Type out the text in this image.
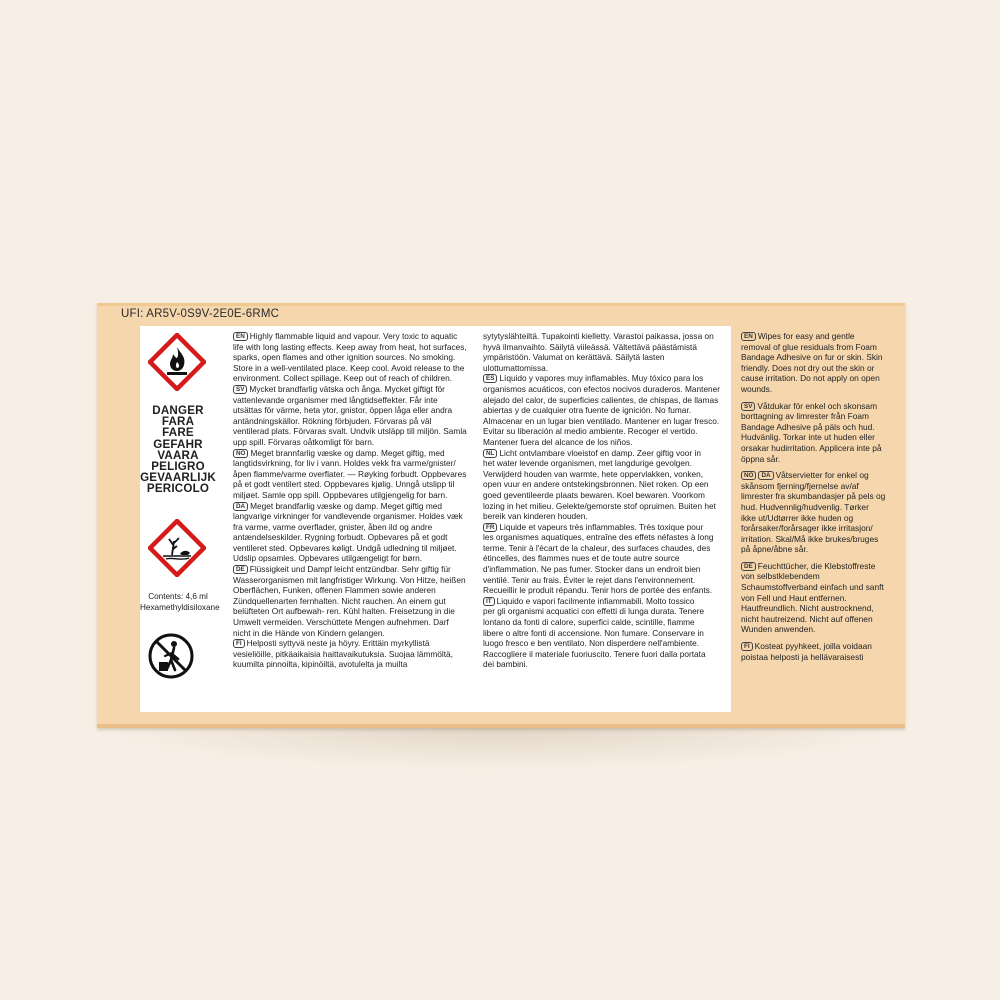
UFI: AR5V-0S9V-2E0E-6RMC
DANGER
FARA
FARE
GEFAHR
VAARA
PELIGRO
GEVAARLIJK
PERICOLO
Contents: 4,6 ml
Hexamethyldisiloxane
EN Highly flammable liquid and vapour. Very toxic to aquatic
life with long lasting effects. Keep away from heat, hot surfaces,
sparks, open flames and other ignition sources. No smoking.
Store in a well-ventilated place. Keep cool. Avoid release to the
environment. Collect spillage. Keep out of reach of children.
SV Mycket brandfarlig vätska och ånga. Mycket giftigt för
vattenlevande organismer med långtidseffekter. Får inte
utsättas för värme, heta ytor, gnistor, öppen låga eller andra
antändningskällor. Rökning förbjuden. Förvaras på väl
ventilerad plats. Förvaras svalt. Undvik utsläpp till miljön. Samla
upp spill. Förvaras oåtkomligt för barn.
NO Meget brannfarlig væske og damp. Meget giftig, med
langtidsvirkning, for liv i vann. Holdes vekk fra varme/gnister/
åpen flamme/varme overflater. — Røyking forbudt. Oppbevares
på et godt ventilert sted. Oppbevares kjølig. Unngå utslipp til
miljøet. Samle opp spill. Oppbevares utilgjengelig for barn.
DA Meget brandfarlig væske og damp. Meget giftig med
langvarige virkninger for vandlevende organismer. Holdes væk
fra varme, varme overflader, gnister, åben ild og andre
antændelseskilder. Rygning forbudt. Opbevares på et godt
ventileret sted. Opbevares køligt. Undgå udledning til miljøet.
Udslip opsamles. Opbevares utilgængeligt for børn.
DE Flüssigkeit und Dampf leicht entzündbar. Sehr giftig für
Wasserorganismen mit langfristiger Wirkung. Von Hitze, heißen
Oberflächen, Funken, offenen Flammen sowie anderen
Zündquellenarten fernhalten. Nicht rauchen. An einem gut
belüfteten Ort aufbewah- ren. Kühl halten. Freisetzung in die
Umwelt vermeiden. Verschüttete Mengen aufnehmen. Darf
nicht in die Hände von Kindern gelangen.
FI Helposti syttyvä neste ja höyry. Erittäin myrkyllistä
vesieliöille, pitkäaikaisia haittavaikutuksia. Suojaa lämmöltä,
kuumilta pinnoilta, kipinöiltä, avotulelta ja muilta
sytytyslähteiltä. Tupakointi kielletty. Varastoi paikassa, jossa on
hyvä ilmanvaihto. Säilytä viileässä. Vältettävä päästämistä
ympäristöön. Valumat on kerättävä. Säilytä lasten
ulottumattomissa.
ES Líquido y vapores muy inflamables. Muy tóxico para los
organismos acuáticos, con efectos nocivos duraderos. Mantener
alejado del calor, de superficies calientes, de chispas, de llamas
abiertas y de cualquier otra fuente de ignición. No fumar.
Almacenar en un lugar bien ventilado. Mantener en lugar fresco.
Evitar su liberación al medio ambiente. Recoger el vertido.
Mantener fuera del alcance de los niños.
NL Licht ontvlambare vloeistof en damp. Zeer giftig voor in
het water levende organismen, met langdurige gevolgen.
Verwijderd houden van warmte, hete oppervlakken, vonken,
open vuur en andere ontstekingsbronnen. Niet roken. Op een
goed geventileerde plaats bewaren. Koel bewaren. Voorkom
lozing in het milieu. Gelekte/gemorste stof opruimen. Buiten het
bereik van kinderen houden.
FR Liquide et vapeurs très inflammables. Très toxique pour
les organismes aquatiques, entraîne des effets néfastes à long
terme. Tenir à l'écart de la chaleur, des surfaces chaudes, des
étincelles, des flammes nues et de toute autre source
d'inflammation. Ne pas fumer. Stocker dans un endroit bien
ventilé. Tenir au frais. Éviter le rejet dans l'environnement.
Recueillir le produit répandu. Tenir hors de portée des enfants.
IT Liquido e vapori facilmente infiammabili. Molto tossico
per gli organismi acquatici con effetti di lunga durata. Tenere
lontano da fonti di calore, superfici calde, scintille, fiamme
libere o altre fonti di accensione. Non fumare. Conservare in
luogo fresco e ben ventilato. Non disperdere nell'ambiente.
Raccogliere il materiale fuoriuscito. Tenere fuori dalla portata
dei bambini.
EN Wipes for easy and gentle
removal of glue residuals from Foam
Bandage Adhesive on fur or skin. Skin
friendly. Does not dry out the skin or
cause irritation. Do not apply on open
wounds.
SV Våtdukar för enkel och skonsam
borttagning av limrester från Foam
Bandage Adhesive på päls och hud.
Hudvänlig. Torkar inte ut huden eller
orsakar hudirritation. Applicera inte på
öppna sår.
NO DA Våtservietter for enkel og
skånsom fjerning/fjernelse av/af
limrester fra skumbandasjer på pels og
hud. Hudvennlig/hudvenlig. Tørker
ikke ut/Udtørrer ikke huden og
forårsaker/forårsager ikke irritasjon/
irritation. Skal/Må ikke brukes/bruges
på åpne/åbne sår.
DE Feuchttücher, die Klebstoffreste
von selbstklebendem
Schaumstoffverband einfach und sanft
von Fell und Haut entfernen.
Hautfreundlich. Nicht austrocknend,
nicht hautreizend. Nicht auf offenen
Wunden anwenden.
FI Kosteat pyyhkeet, joilla voidaan
poistaa helposti ja hellävaraisesti
